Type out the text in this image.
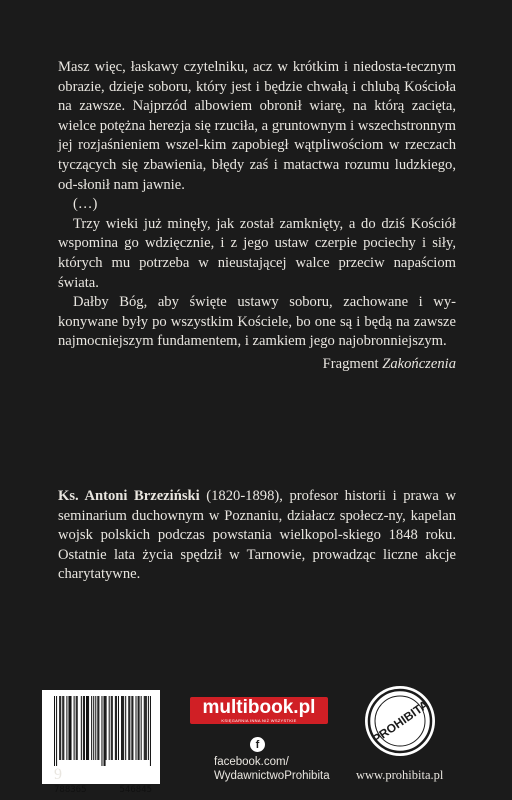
Masz więc, łaskawy czytelniku, acz w krótkim i niedosta-tecznym obrazie, dzieje soboru, który jest i będzie chwałą i chlubą Kościoła na zawsze. Najprzód albowiem obronił wiarę, na którą zacięta, wielce potężna herezja się rzuciła, a gruntownym i wszechstronnym jej rozjaśnieniem wszel-kim zapobiegł wątpliwościom w rzeczach tyczących się zbawienia, błędy zaś i matactwa rozumu ludzkiego, od-słonił nam jawnie.

(…)

Trzy wieki już minęły, jak został zamknięty, a do dziś Kościół wspomina go wdzięcznie, i z jego ustaw czerpie pociechy i siły, których mu potrzeba w nieustającej walce przeciw napaściom świata.

Dałby Bóg, aby święte ustawy soboru, zachowane i wy-konywane były po wszystkim Kościele, bo one są i będą na zawsze najmocniejszym fundamentem, i zamkiem jego najobronniejszym.

Fragment Zakończenia
Ks. Antoni Brzeziński (1820-1898), profesor historii i prawa w seminarium duchownym w Poznaniu, działacz społecz-ny, kapelan wojsk polskich podczas powstania wielkopol-skiego 1848 roku. Ostatnie lata życia spędził w Tarnowie, prowadząc liczne akcje charytatywne.
9
788365	546845
multibook.pl
KSIĘGARNIA INNA NIŻ WSZYSTKIE
f
facebook.com/
WydawnictwoProhibita
PROHIBITA
www.prohibita.pl
